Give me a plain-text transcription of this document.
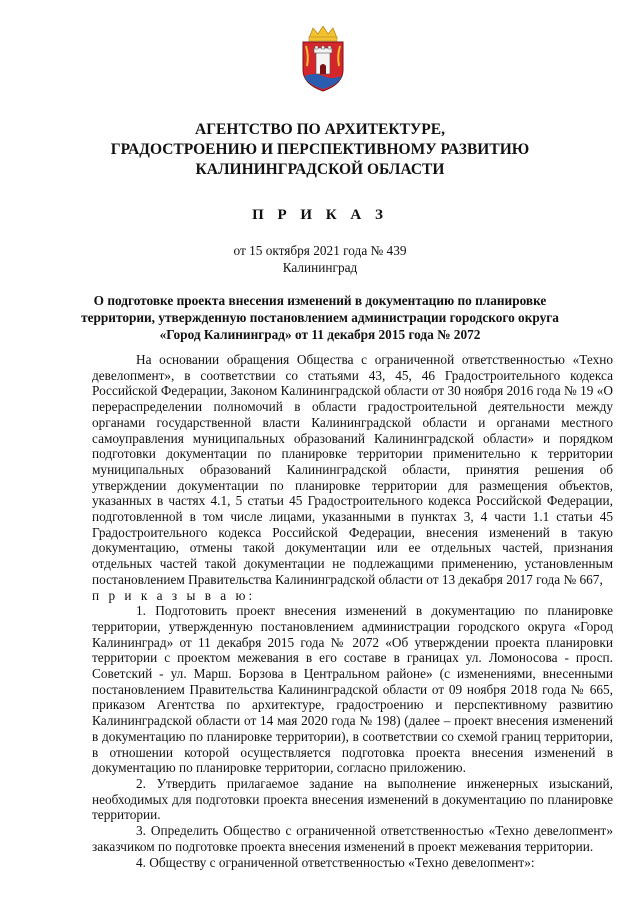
АГЕНТСТВО ПО АРХИТЕКТУРЕ,
ГРАДОСТРОЕНИЮ И ПЕРСПЕКТИВНОМУ РАЗВИТИЮ
КАЛИНИНГРАДСКОЙ ОБЛАСТИ
П Р И К А З
от 15 октября 2021 года № 439
Калининград
О подготовке проекта внесения изменений в документацию по планировке
территории, утвержденную постановлением администрации городского округа
«Город Калининград» от 11 декабря 2015 года № 2072

На основании обращения Общества с ограниченной ответственностью «Техно девелопмент», в соответствии со статьями 43, 45, 46 Градостроительного кодекса Российской Федерации, Законом Калининградской области от 30 ноября 2016 года № 19 «О перераспределении полномочий в области градостроительной деятельности между органами государственной власти Калининградской области и органами местного самоуправления муниципальных образований Калининградской области» и порядком подготовки документации по планировке территории применительно к территории муниципальных образований Калининградской области, принятия решения об утверждении документации по планировке территории для размещения объектов, указанных в частях 4.1, 5 статьи 45 Градостроительного кодекса Российской Федерации, подготовленной в том числе лицами, указанными в пунктах 3, 4 части 1.1 статьи 45 Градостроительного кодекса Российской Федерации, внесения изменений в такую документацию, отмены такой документации или ее отдельных частей, признания отдельных частей такой документации не подлежащими применению, установленным постановлением Правительства Калининградской области от 13 декабря 2017 года № 667,

п р и к а з ы в а ю:

1. Подготовить проект внесения изменений в документацию по планировке территории, утвержденную постановлением администрации городского округа «Город Калининград» от 11 декабря 2015 года № 2072 «Об утверждении проекта планировки территории с проектом межевания в его составе в границах ул. Ломоносова - просп. Советский - ул. Марш. Борзова в Центральном районе» (с изменениями, внесенными постановлением Правительства Калининградской области от 09 ноября 2018 года № 665, приказом Агентства по архитектуре, градостроению и перспективному развитию Калининградской области от 14 мая 2020 года № 198) (далее – проект внесения изменений в документацию по планировке территории), в соответствии со схемой границ территории, в отношении которой осуществляется подготовка проекта внесения изменений в документацию по планировке территории, согласно приложению.

2. Утвердить прилагаемое задание на выполнение инженерных изысканий, необходимых для подготовки проекта внесения изменений в документацию по планировке территории.

3. Определить Общество с ограниченной ответственностью «Техно девелопмент» заказчиком по подготовке проекта внесения изменений в проект межевания территории.

4. Обществу с ограниченной ответственностью «Техно девелопмент»:
